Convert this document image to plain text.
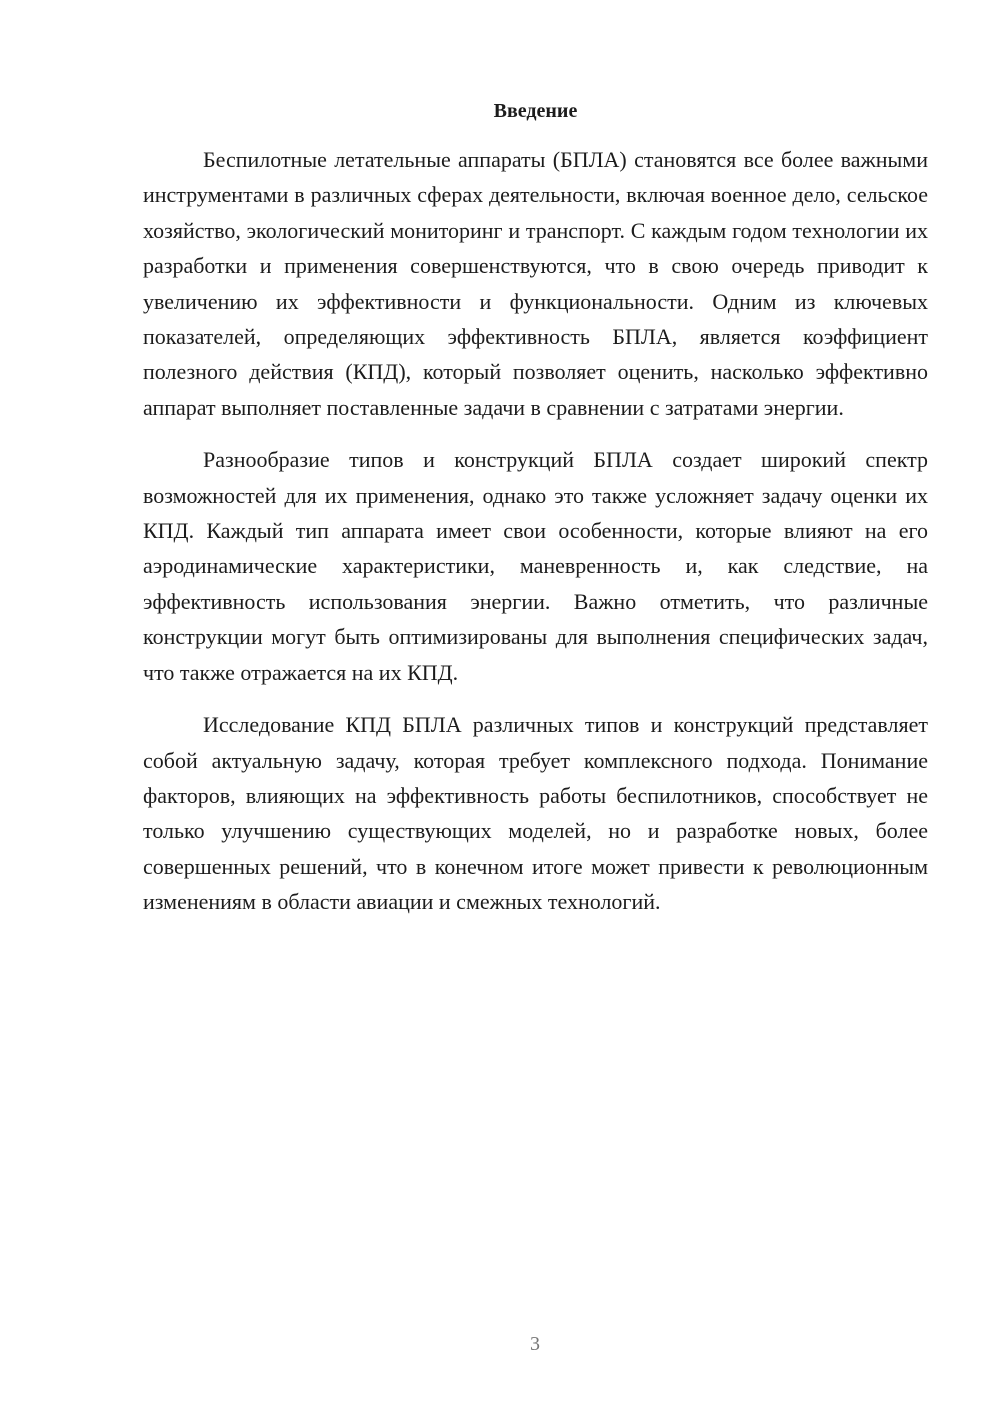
Введение

Беспилотные летательные аппараты (БПЛА) становятся все более важными инструментами в различных сферах деятельности, включая военное дело, сельское хозяйство, экологический мониторинг и транспорт. С каждым годом технологии их разработки и применения совершенствуются, что в свою очередь приводит к увеличению их эффективности и функциональности. Одним из ключевых показателей, определяющих эффективность БПЛА, является коэффициент полезного действия (КПД), который позволяет оценить, насколько эффективно аппарат выполняет поставленные задачи в сравнении с затратами энергии.

Разнообразие типов и конструкций БПЛА создает широкий спектр возможностей для их применения, однако это также усложняет задачу оценки их КПД. Каждый тип аппарата имеет свои особенности, которые влияют на его аэродинамические характеристики, маневренность и, как следствие, на эффективность использования энергии. Важно отметить, что различные конструкции могут быть оптимизированы для выполнения специфических задач, что также отражается на их КПД.

Исследование КПД БПЛА различных типов и конструкций представляет собой актуальную задачу, которая требует комплексного подхода. Понимание факторов, влияющих на эффективность работы беспилотников, способствует не только улучшению существующих моделей, но и разработке новых, более совершенных решений, что в конечном итоге может привести к революционным изменениям в области авиации и смежных технологий.

3
